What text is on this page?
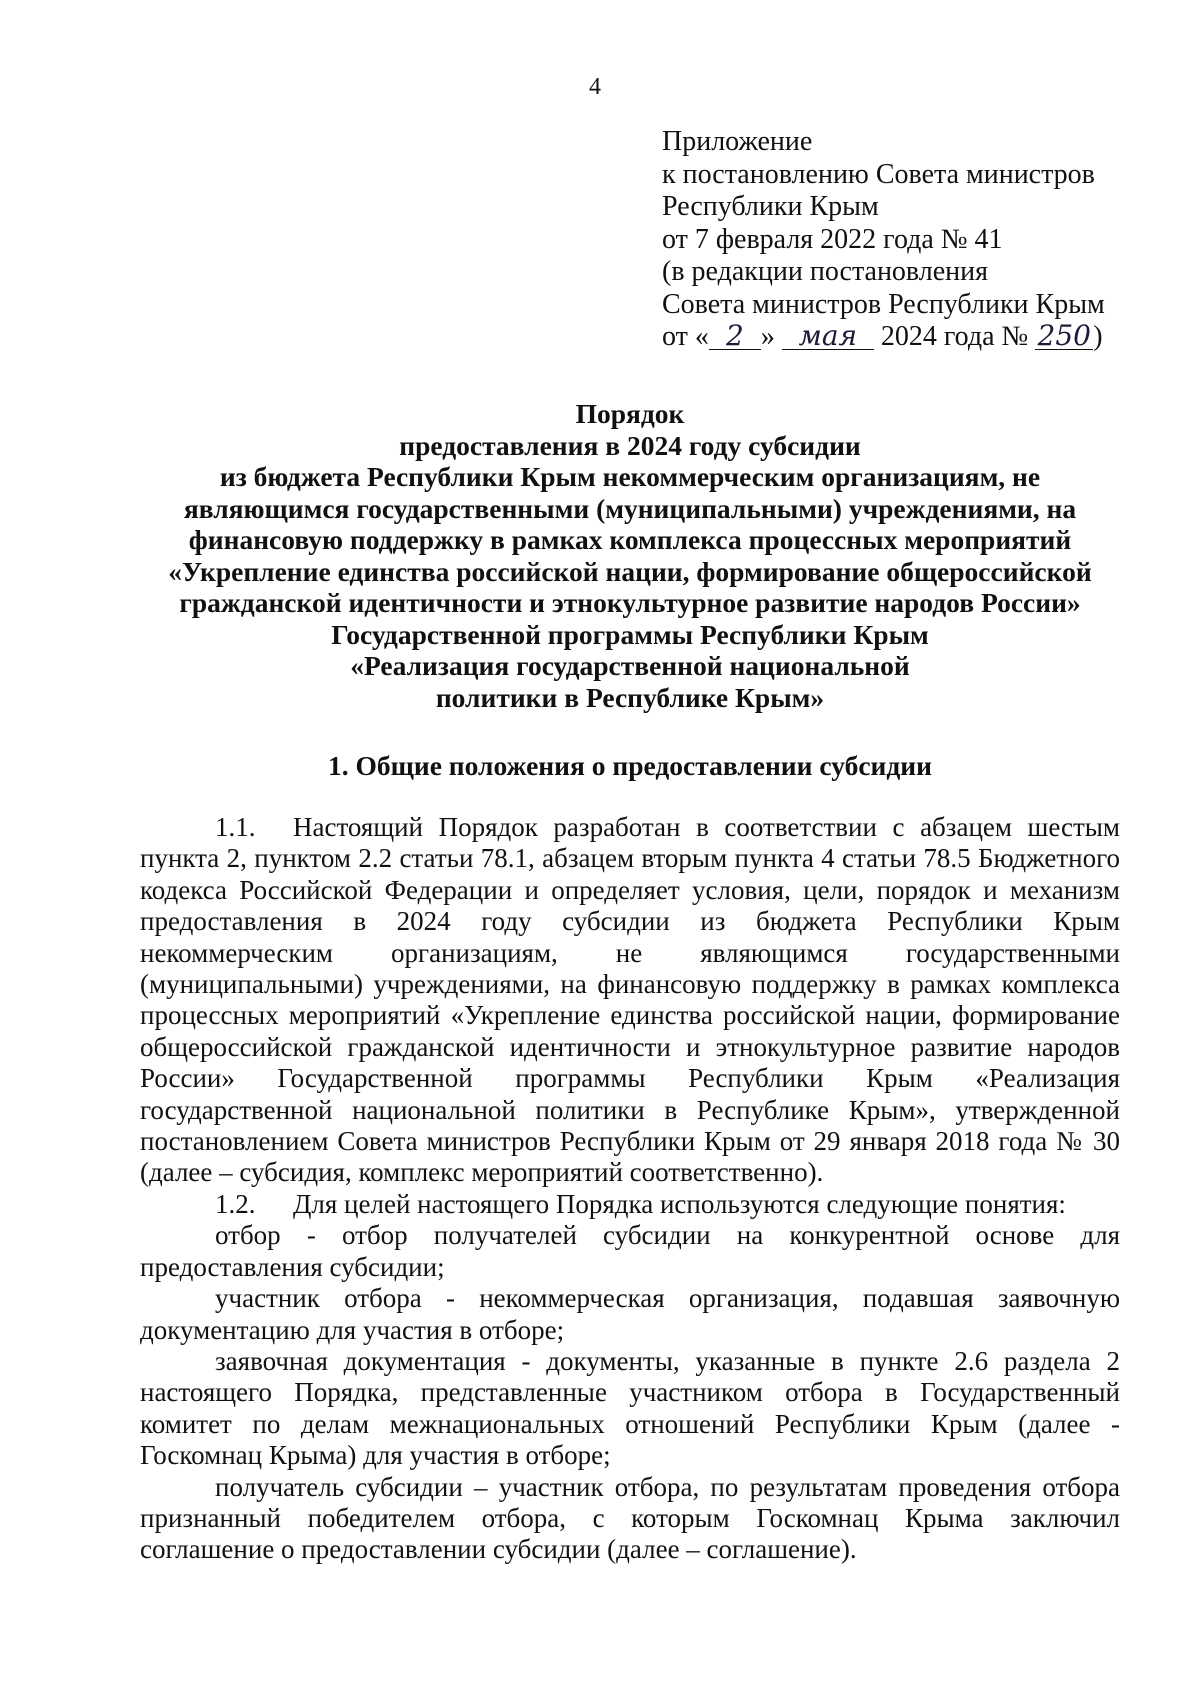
4
Приложение
к постановлению Совета министров
Республики Крым
от 7 февраля 2022 года № 41
(в редакции постановления
Совета министров Республики Крым
от « 2 » мая 2024 года № 250)
Порядок
предоставления в 2024 году субсидии
из бюджета Республики Крым некоммерческим организациям, не
являющимся государственными (муниципальными) учреждениями, на
финансовую поддержку в рамках комплекса процессных мероприятий
«Укрепление единства российской нации, формирование общероссийской
гражданской идентичности и этнокультурное развитие народов России»
Государственной программы Республики Крым
«Реализация государственной национальной
политики в Республике Крым»
1. Общие положения о предоставлении субсидии

1.1. Настоящий Порядок разработан в соответствии с абзацем шестым пункта 2, пунктом 2.2 статьи 78.1, абзацем вторым пункта 4 статьи 78.5 Бюджетного кодекса Российской Федерации и определяет условия, цели, порядок и механизм предоставления в 2024 году субсидии из бюджета Республики Крым некоммерческим организациям, не являющимся государственными (муниципальными) учреждениями, на финансовую поддержку в рамках комплекса процессных мероприятий «Укрепление единства российской нации, формирование общероссийской гражданской идентичности и этнокультурное развитие народов России» Государственной программы Республики Крым «Реализация государственной национальной политики в Республике Крым», утвержденной постановлением Совета министров Республики Крым от 29 января 2018 года № 30 (далее – субсидия, комплекс мероприятий соответственно).

1.2. Для целей настоящего Порядка используются следующие понятия:

отбор - отбор получателей субсидии на конкурентной основе для предоставления субсидии;

участник отбора - некоммерческая организация, подавшая заявочную документацию для участия в отборе;

заявочная документация - документы, указанные в пункте 2.6 раздела 2 настоящего Порядка, представленные участником отбора в Государственный комитет по делам межнациональных отношений Республики Крым (далее - Госкомнац Крыма) для участия в отборе;

получатель субсидии – участник отбора, по результатам проведения отбора признанный победителем отбора, с которым Госкомнац Крыма заключил соглашение о предоставлении субсидии (далее – соглашение).
